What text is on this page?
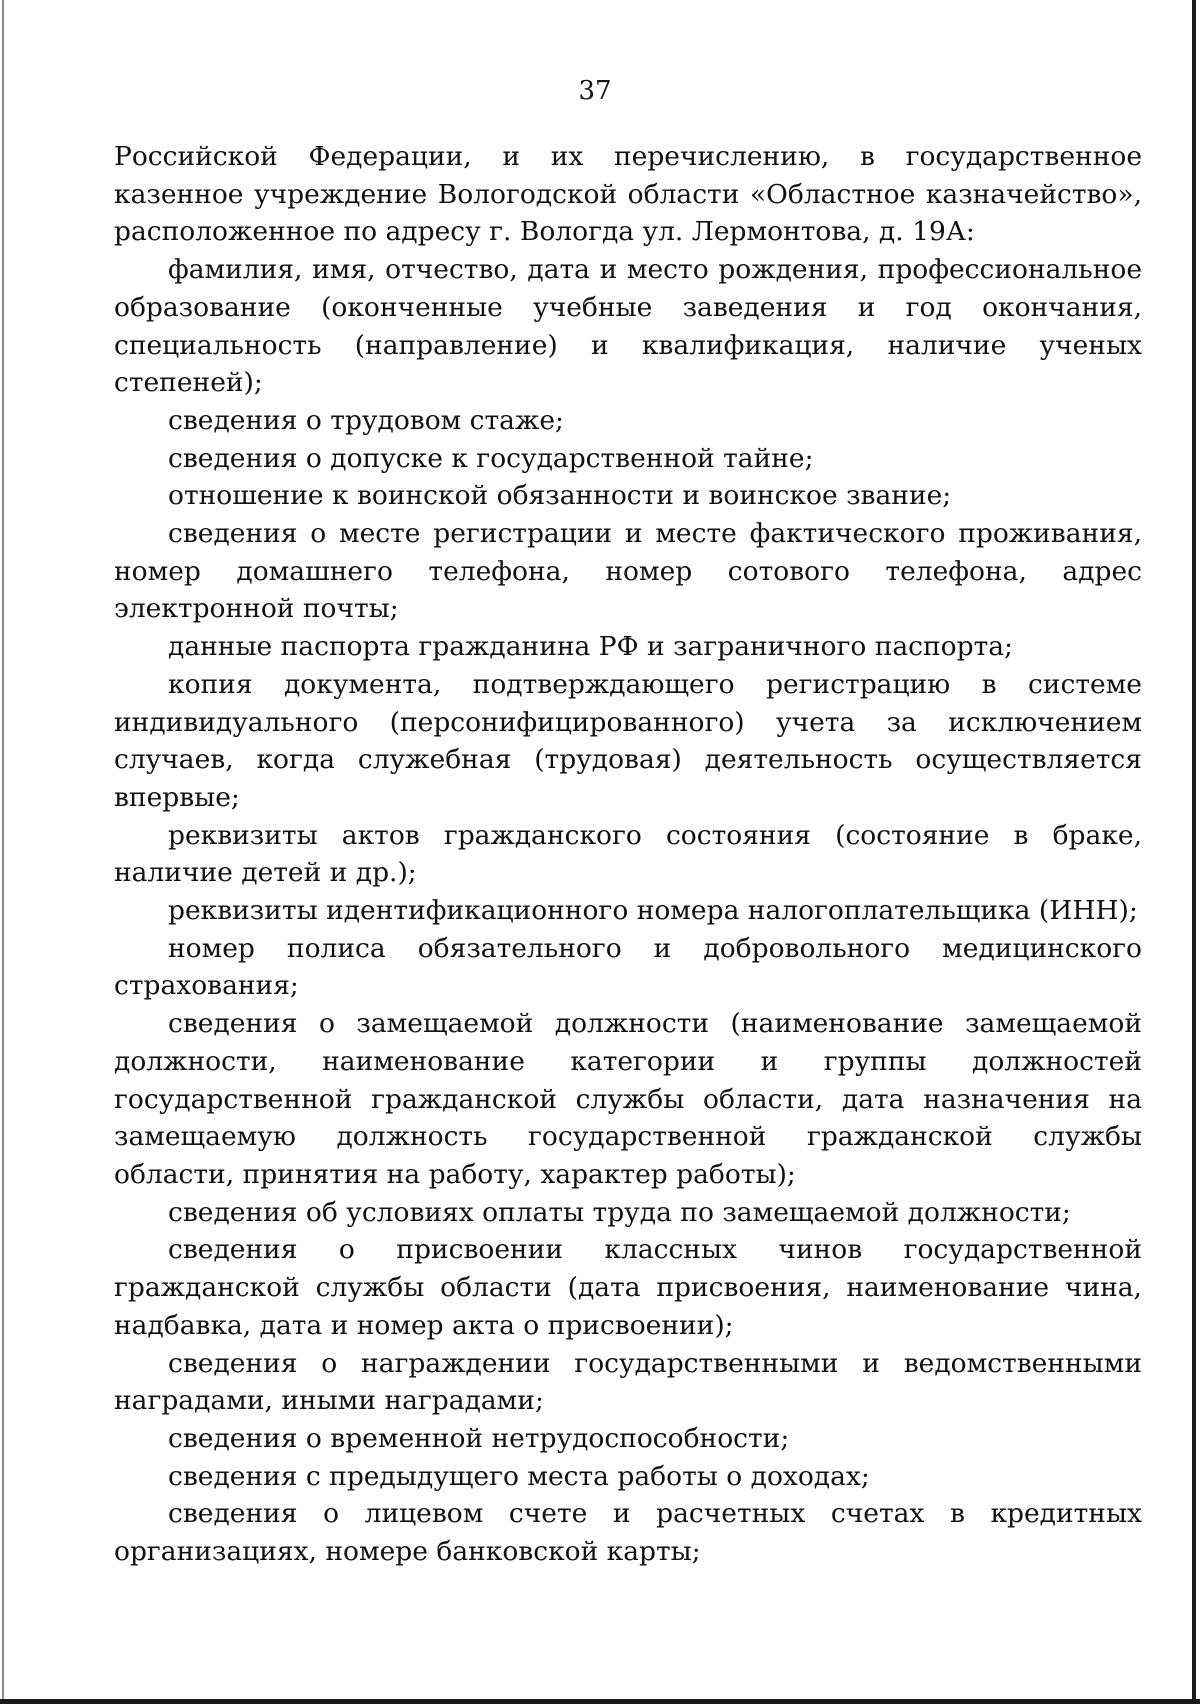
37

Российской Федерации, и их перечислению, в государственное казенное учреждение Вологодской области «Областное казначейство», расположенное по адресу г. Вологда ул. Лермонтова, д. 19А:

фамилия, имя, отчество, дата и место рождения, профессиональное образование (оконченные учебные заведения и год окончания, специальность (направление) и квалификация, наличие ученых степеней);

сведения о трудовом стаже;

сведения о допуске к государственной тайне;

отношение к воинской обязанности и воинское звание;

сведения о месте регистрации и месте фактического проживания, номер домашнего телефона, номер сотового телефона, адрес электронной почты;

данные паспорта гражданина РФ и заграничного паспорта;

копия документа, подтверждающего регистрацию в системе индивидуального (персонифицированного) учета за исключением случаев, когда служебная (трудовая) деятельность осуществляется впервые;

реквизиты актов гражданского состояния (состояние в браке, наличие детей и др.);

реквизиты идентификационного номера налогоплательщика (ИНН);

номер полиса обязательного и добровольного медицинского страхования;

сведения о замещаемой должности (наименование замещаемой должности, наименование категории и группы должностей государственной гражданской службы области, дата назначения на замещаемую должность государственной гражданской службы области, принятия на работу, характер работы);

сведения об условиях оплаты труда по замещаемой должности;

сведения о присвоении классных чинов государственной гражданской службы области (дата присвоения, наименование чина, надбавка, дата и номер акта о присвоении);

сведения о награждении государственными и ведомственными наградами, иными наградами;

сведения о временной нетрудоспособности;

сведения с предыдущего места работы о доходах;

сведения о лицевом счете и расчетных счетах в кредитных организациях, номере банковской карты;
